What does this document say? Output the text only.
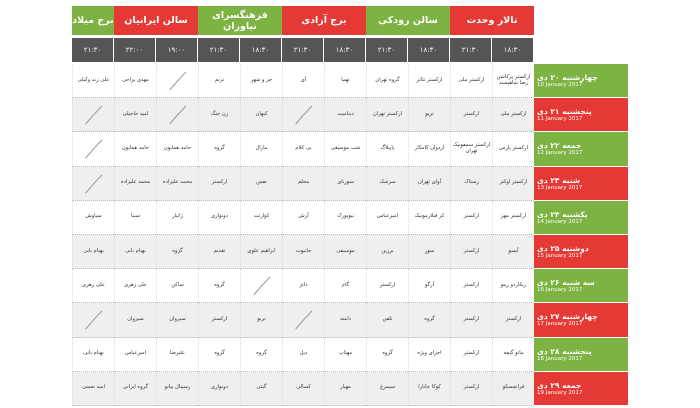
تالار وحدت
سالن رودکی
برج آزادی
فرهنگسرای نیاوران
سالن ایرانیان
برج میلاد
۱۸:۳۰
۲۱:۳۰
۱۸:۳۰
۲۱:۳۰
۱۸:۳۰
۲۱:۳۰
۱۸:۳۰
۲۱:۳۰
۱۹:۰۰
۲۲:۰۰
۲۱:۳۰
چهارشنبه ۲۰ دی
10 January 2017
ارکستر پرکاشن رضا شاهپسند
ارکستر ملی
ارکستر تئاتر
گروه تهران
تهما
آی
جز و شهر
ترنم
مهدی یراحی
علی زند وکیلی
پنجشنبه ۲۱ دی
11 January 2017
ارکستر ملی
ارکستر
تریو
ارکستر تهران
دینامیت
کیهان
زن جنگ
امید حاجیلی
جمعه ۲۲ دی
12 January 2017
ارکستر پارس
ارکستر سمفونیک تهران
اردوان کامکار
پاپیلاگ
شب موسیقی
بی کلام
مارال
گروه
حامد همایون
حامد همایون
شنبه ۲۳ دی
13 January 2017
ارکستر اوکتر
رستاک
آوای تهران
سرشک
سورنای
محلم
نفس
ارکستر
محمد علیزاده
محمد علیزاده
یکشنبه ۲۴ دی
14 January 2017
ارکستر مهر
ارکستر
کر فیلارمونیک
امیرعباس
نیویورک
آرش
کوارتت
دونوازی
ژانیار
سینا
سیاوش
دوشنبه ۲۵ دی
15 January 2017
آیسو
ارکستر
سور
برزین
موسیقی
حانیوت
ابراهیم علوی
تقدیم
گروه
بهنام بانی
بهنام بانی
سه شنبه ۲۶ دی
16 January 2017
ریکاردو ریبو
ارکستر
آرگو
ارکستر
گام
دانژ
گروه
ساکن
علی زهری
علی زهری
چهارشنبه ۲۷ دی
17 January 2017
ارکستر
ارکستر
گروه
تلفن
دامنه
تریو
ارکستر
سیروان
سیروان
پنجشنبه ۲۸ دی
18 January 2017
ماتو گیچه
ارکستر
اجرای ویژه
گروه
مهتاب
دیل
گروه
گروه
علیرضا
امیرعباس
بهنام بانی
جمعه ۲۹ دی
19 January 2017
فرانچسکو
ارکستر
کوکا جانارا
سیمرغ
مهیار
کسالی
گیتی
دونوازی
رسیتال پیانو
گروه ایرانی
امید نعمتی
